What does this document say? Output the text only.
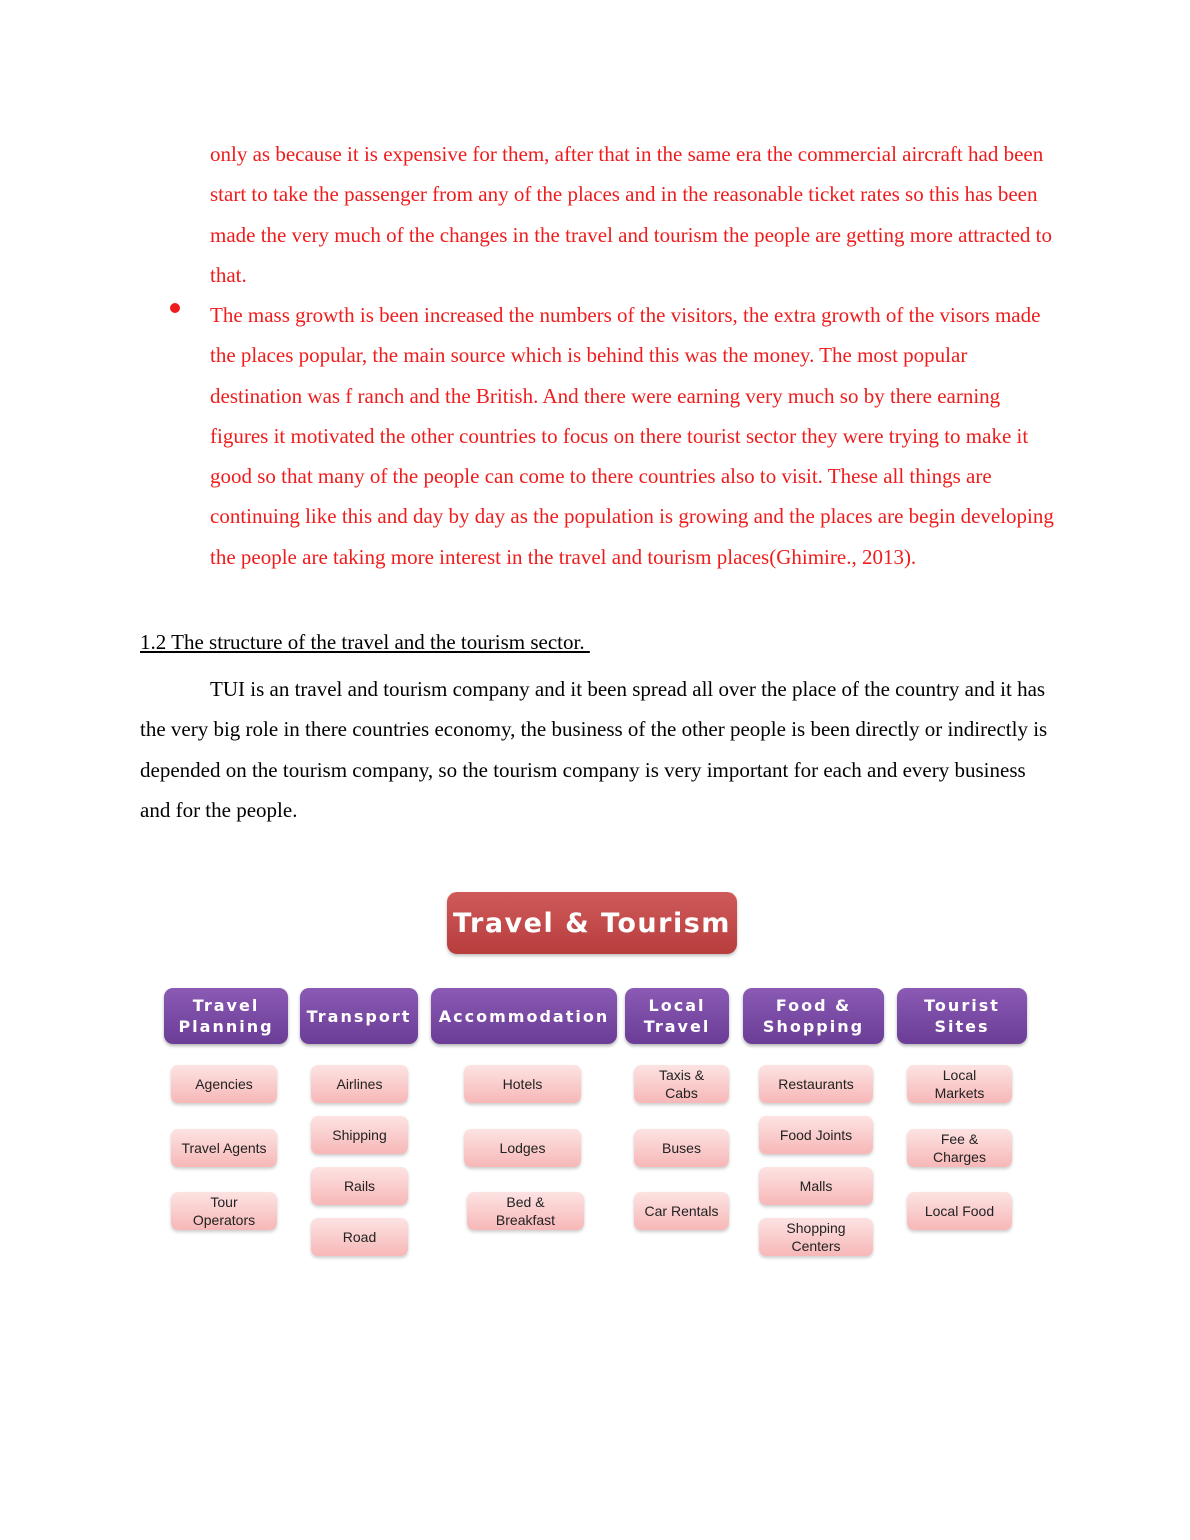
only as because it is expensive for them, after that in the same era the commercial aircraft had been start to take the passenger from any of the places and in the reasonable ticket rates so this has been made the very much of the changes in the travel and tourism the people are getting more attracted to that.

The mass growth is been increased the numbers of the visitors, the extra growth of the visors made the places popular, the main source which is behind this was the money. The most popular destination was f ranch and the British. And there were earning very much so by there earning figures it motivated the other countries to focus on there tourist sector they were trying to make it good so that many of the people can come to there countries also to visit. These all things are continuing like this and day by day as the population is growing and the places are begin developing the people are taking more interest in the travel and tourism places(Ghimire., 2013).

1.2 The structure of the travel and the tourism sector.

TUI is an travel and tourism company and it been spread all over the place of the country and it has the very big role in there countries economy, the business of the other people is been directly or indirectly is depended on the tourism company, so the tourism company is very important for each and every business and for the people.

Travel & Tourism
Travel
Planning
Agencies
Travel Agents
Tour
Operators
Transport
Airlines
Shipping
Rails
Road
Accommodation
Hotels
Lodges
Bed &
Breakfast
Local
Travel
Taxis &
Cabs
Buses
Car Rentals
Food &
Shopping
Restaurants
Food Joints
Malls
Shopping
Centers
Tourist
Sites
Local
Markets
Fee &
Charges
Local Food
